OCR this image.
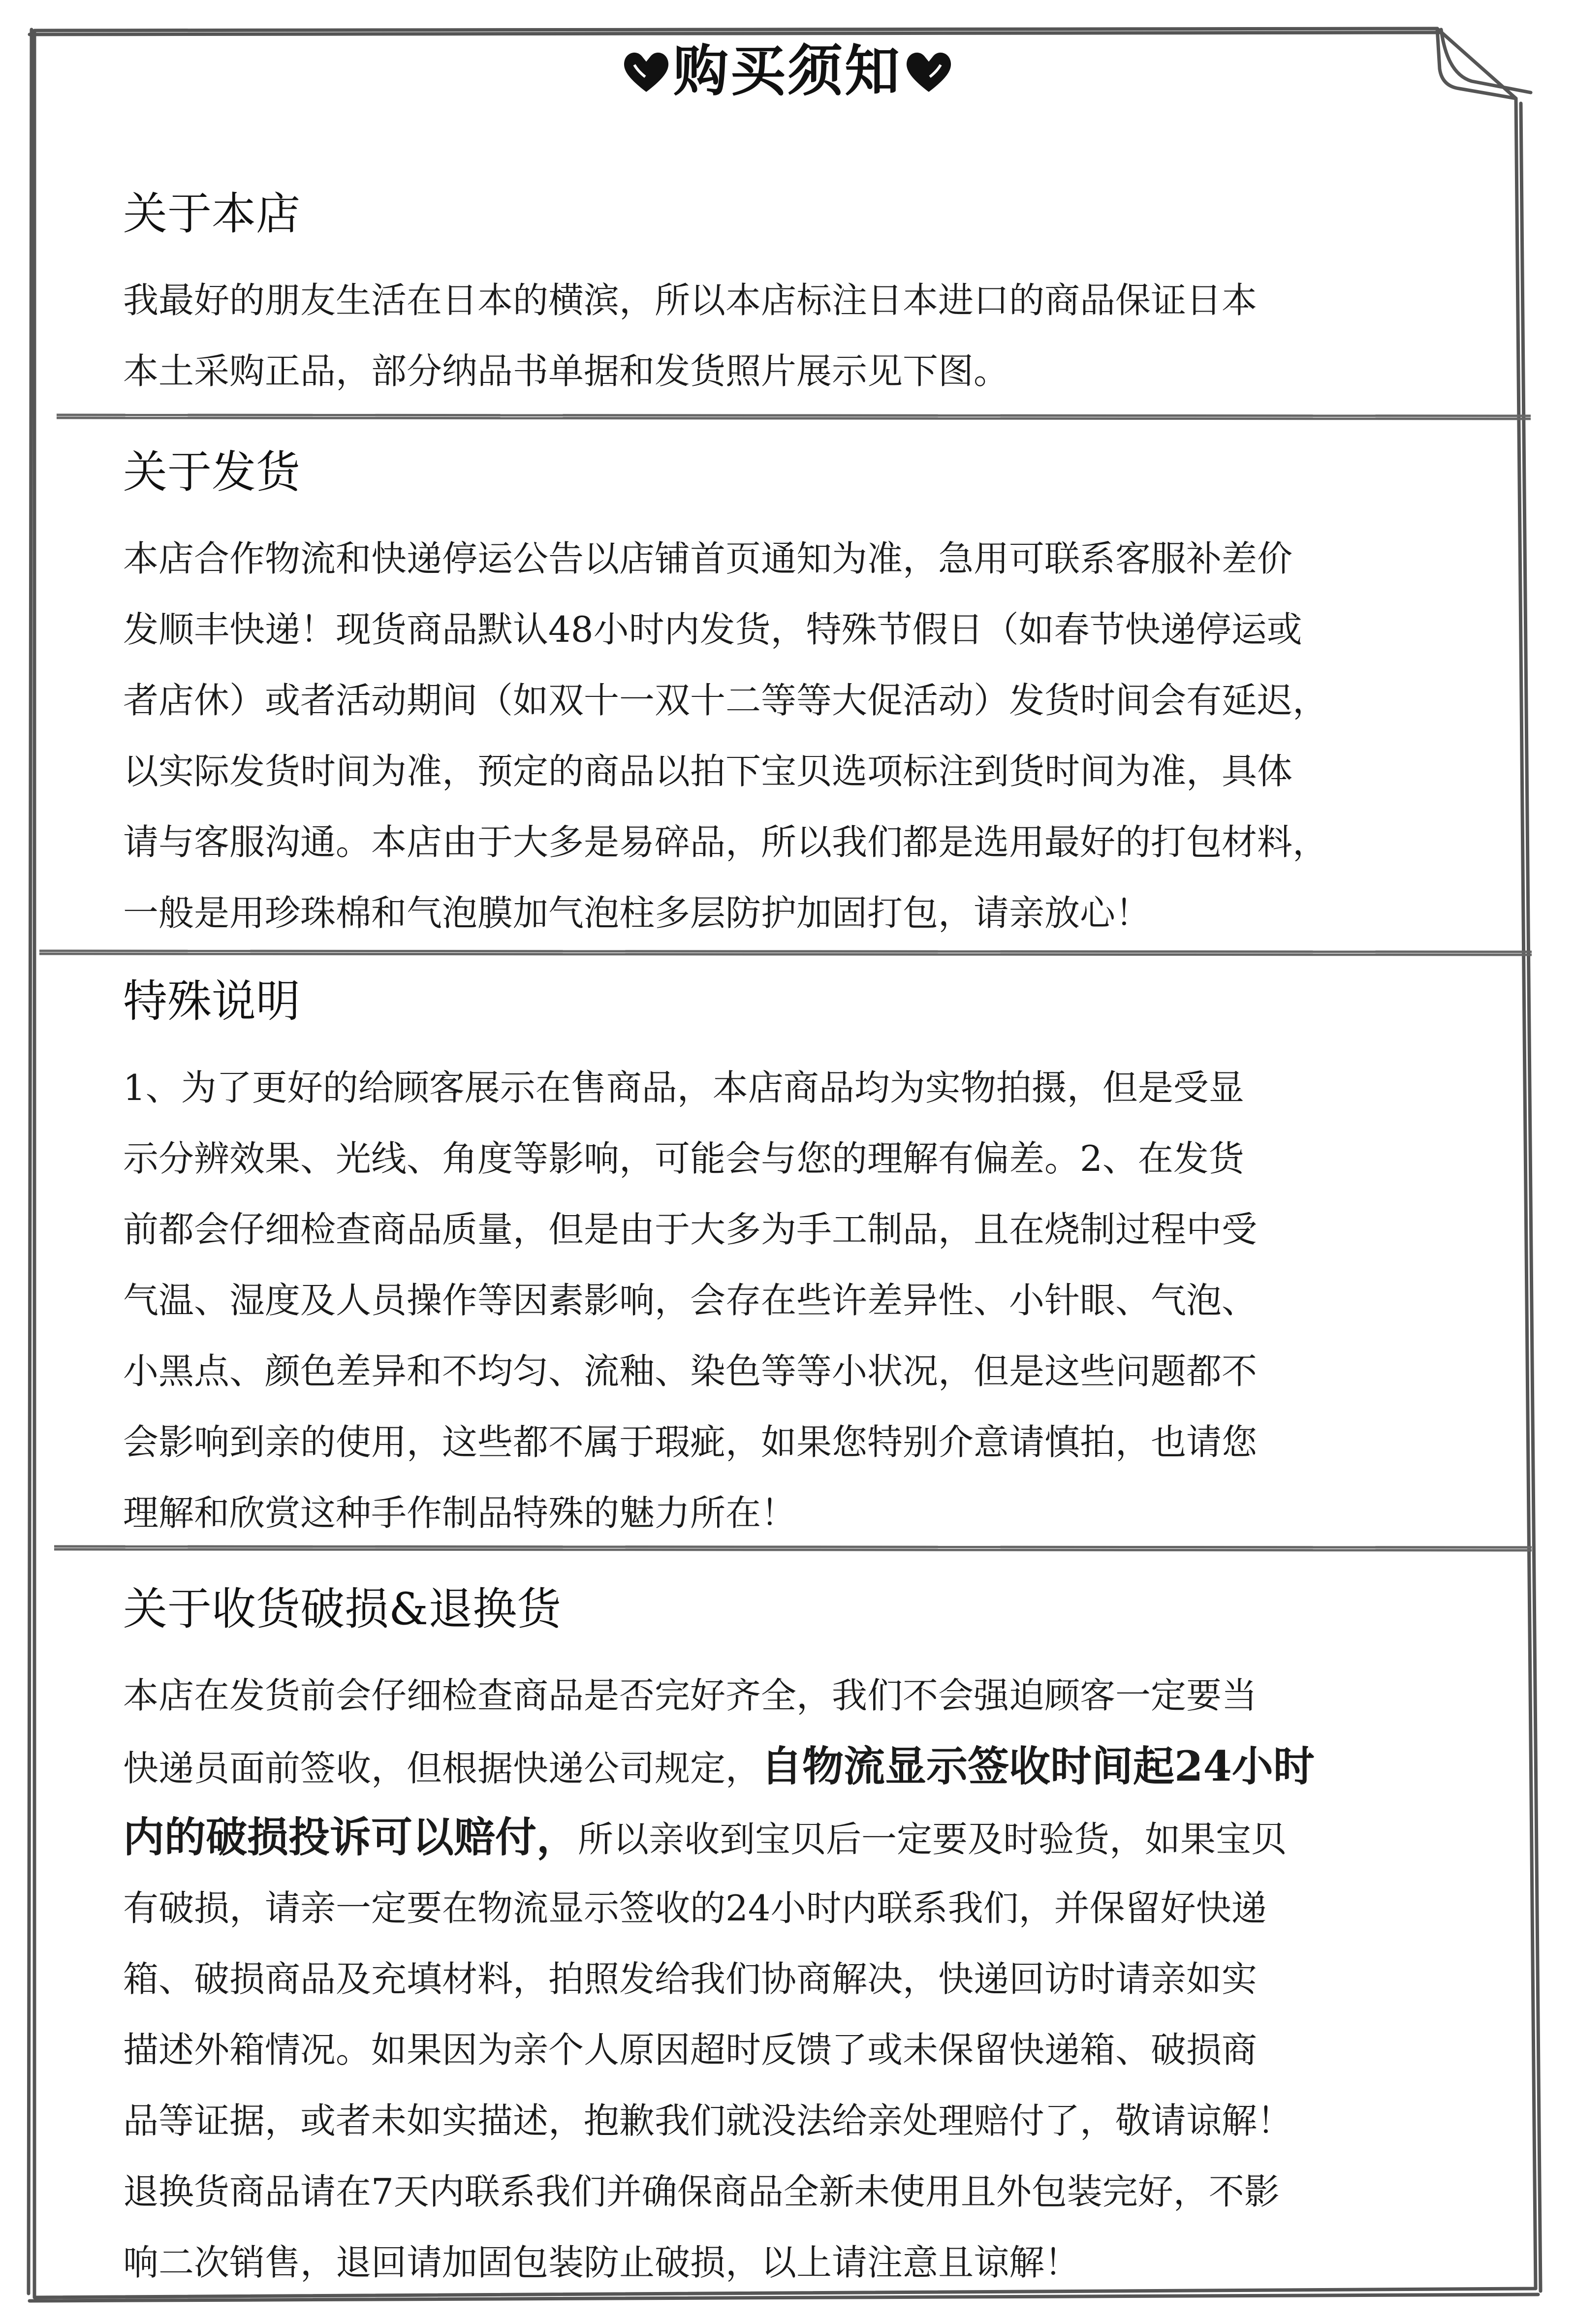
购买须知
关于本店
我最好的朋友生活在日本的横滨，所以本店标注日本进口的商品保证日本
本土采购正品，部分纳品书单据和发货照片展示见下图。
关于发货
本店合作物流和快递停运公告以店铺首页通知为准，急用可联系客服补差价
发顺丰快递！现货商品默认48小时内发货，特殊节假日（如春节快递停运或
者店休）或者活动期间（如双十一双十二等等大促活动）发货时间会有延迟，
以实际发货时间为准，预定的商品以拍下宝贝选项标注到货时间为准，具体
请与客服沟通。本店由于大多是易碎品，所以我们都是选用最好的打包材料，
一般是用珍珠棉和气泡膜加气泡柱多层防护加固打包，请亲放心！
特殊说明
1、为了更好的给顾客展示在售商品，本店商品均为实物拍摄，但是受显
示分辨效果、光线、角度等影响，可能会与您的理解有偏差。2、在发货
前都会仔细检查商品质量，但是由于大多为手工制品，且在烧制过程中受
气温、湿度及人员操作等因素影响，会存在些许差异性、小针眼、气泡、
小黑点、颜色差异和不均匀、流釉、染色等等小状况，但是这些问题都不
会影响到亲的使用，这些都不属于瑕疵，如果您特别介意请慎拍，也请您
理解和欣赏这种手作制品特殊的魅力所在！
关于收货破损&退换货
本店在发货前会仔细检查商品是否完好齐全，我们不会强迫顾客一定要当
快递员面前签收，但根据快递公司规定，自物流显示签收时间起24小时
内的破损投诉可以赔付，所以亲收到宝贝后一定要及时验货，如果宝贝
有破损，请亲一定要在物流显示签收的24小时内联系我们，并保留好快递
箱、破损商品及充填材料，拍照发给我们协商解决，快递回访时请亲如实
描述外箱情况。如果因为亲个人原因超时反馈了或未保留快递箱、破损商
品等证据，或者未如实描述，抱歉我们就没法给亲处理赔付了，敬请谅解！
退换货商品请在7天内联系我们并确保商品全新未使用且外包装完好，不影
响二次销售，退回请加固包装防止破损，以上请注意且谅解！
